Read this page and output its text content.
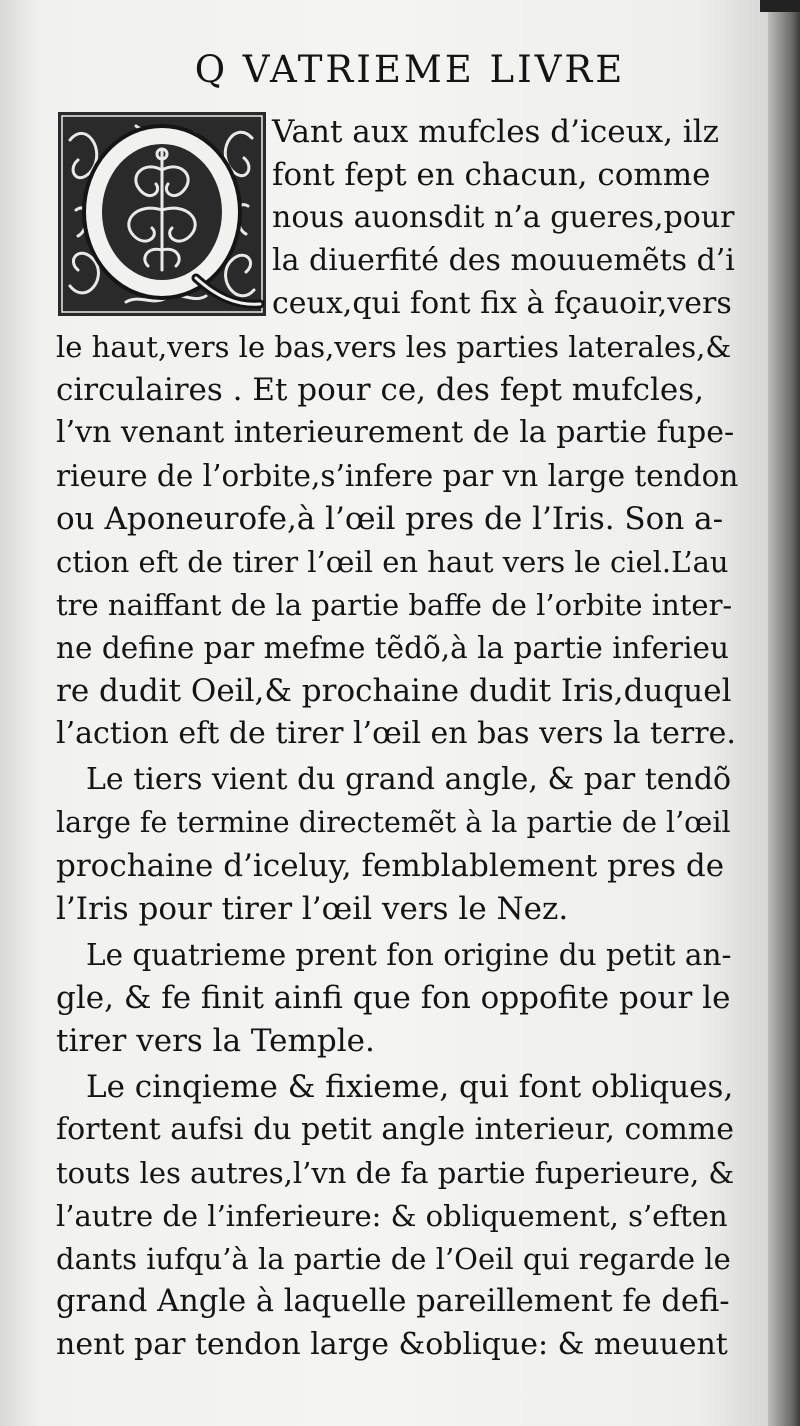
Q VATRIEME LIVRE
Vant aux mufcles d’iceux, ilz
font fept en chacun, comme
nous auonsdit n’a gueres,pour
la diuerfité des mouuemẽts d’i
ceux,qui font fix à fçauoir,vers
le haut,vers le bas,vers les parties laterales,&
circulaires . Et pour ce, des fept mufcles,
l’vn venant interieurement de la partie fupe-
rieure de l’orbite,s’infere par vn large tendon
ou Aponeurofe,à l’œil pres de l’Iris. Son a-
ction eft de tirer l’œil en haut vers le ciel.L’au
tre naiffant de la partie baffe de l’orbite inter-
ne define par mefme tẽdõ,à la partie inferieu
re dudit Oeil,& prochaine dudit Iris,duquel
l’action eft de tirer l’œil en bas vers la terre.
Le tiers vient du grand angle, & par tendõ
large fe termine directemẽt à la partie de l’œil
prochaine d’iceluy, femblablement pres de
l’Iris pour tirer l’œil vers le Nez.
Le quatrieme prent fon origine du petit an-
gle, & fe finit ainfi que fon oppofite pour le
tirer vers la Temple.
Le cinqieme & fixieme, qui font obliques,
fortent aufsi du petit angle interieur, comme
touts les autres,l’vn de fa partie fuperieure, &
l’autre de l’inferieure: & obliquement, s’eften
dants iufqu’à la partie de l’Oeil qui regarde le
grand Angle à laquelle pareillement fe defi-
nent par tendon large &oblique: & meuuent
